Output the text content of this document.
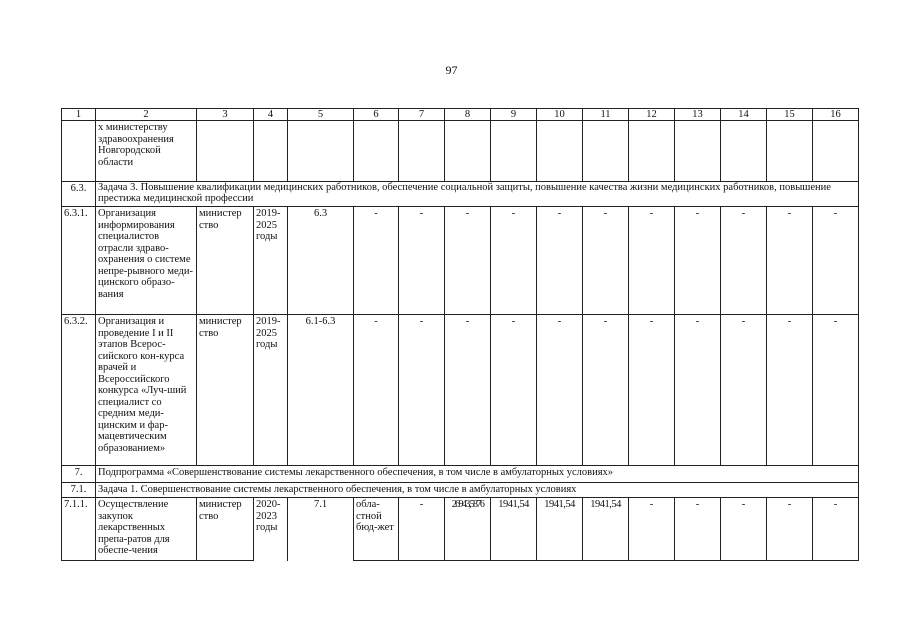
97
1	2	3	4	5	6	7	8	9	10	11	12	13	14	15	16
	х министерству здравоохранения Новгородской области														
6.3.	Задача 3. Повышение квалификации медицинских работников, обеспечение социальной защиты, повышение качества жизни медицинских работников, повышение престижа медицинской профессии														
6.3.1.	Организация информирования специалистов отрасли здраво-охранения о системе непре-рывного меди-цинского образо-вания	министер ство	2019-2025 годы	6.3	-	-	-	-	-	-	-	-	-	-	-
6.3.2.	Организация и проведение I и II этапов Всерос-сийского кон-курса врачей и Всероссийского конкурса «Луч-ший специалист со средним меди-цинским и фар-мацевтическим образованием»	министер ство	2019-2025 годы	6.1-6.3	-	-	-	-	-	-	-	-	-	-	-
7.	Подпрограмма «Совершенствование системы лекарственного обеспечения, в том числе в амбулаторных условиях»														
7.1.	Задача 1. Совершенствование системы лекарственного обеспечения, в том числе в амбулаторных условиях														
7.1.1.	Осуществление закупок лекарственных препа-ратов для обеспе-чения	министер ство	2020-2023 годы	7.1	обла-стной бюд-жет	-	26943,5876	1941,54	1941,54	1941,54	-	-	-	-	-
